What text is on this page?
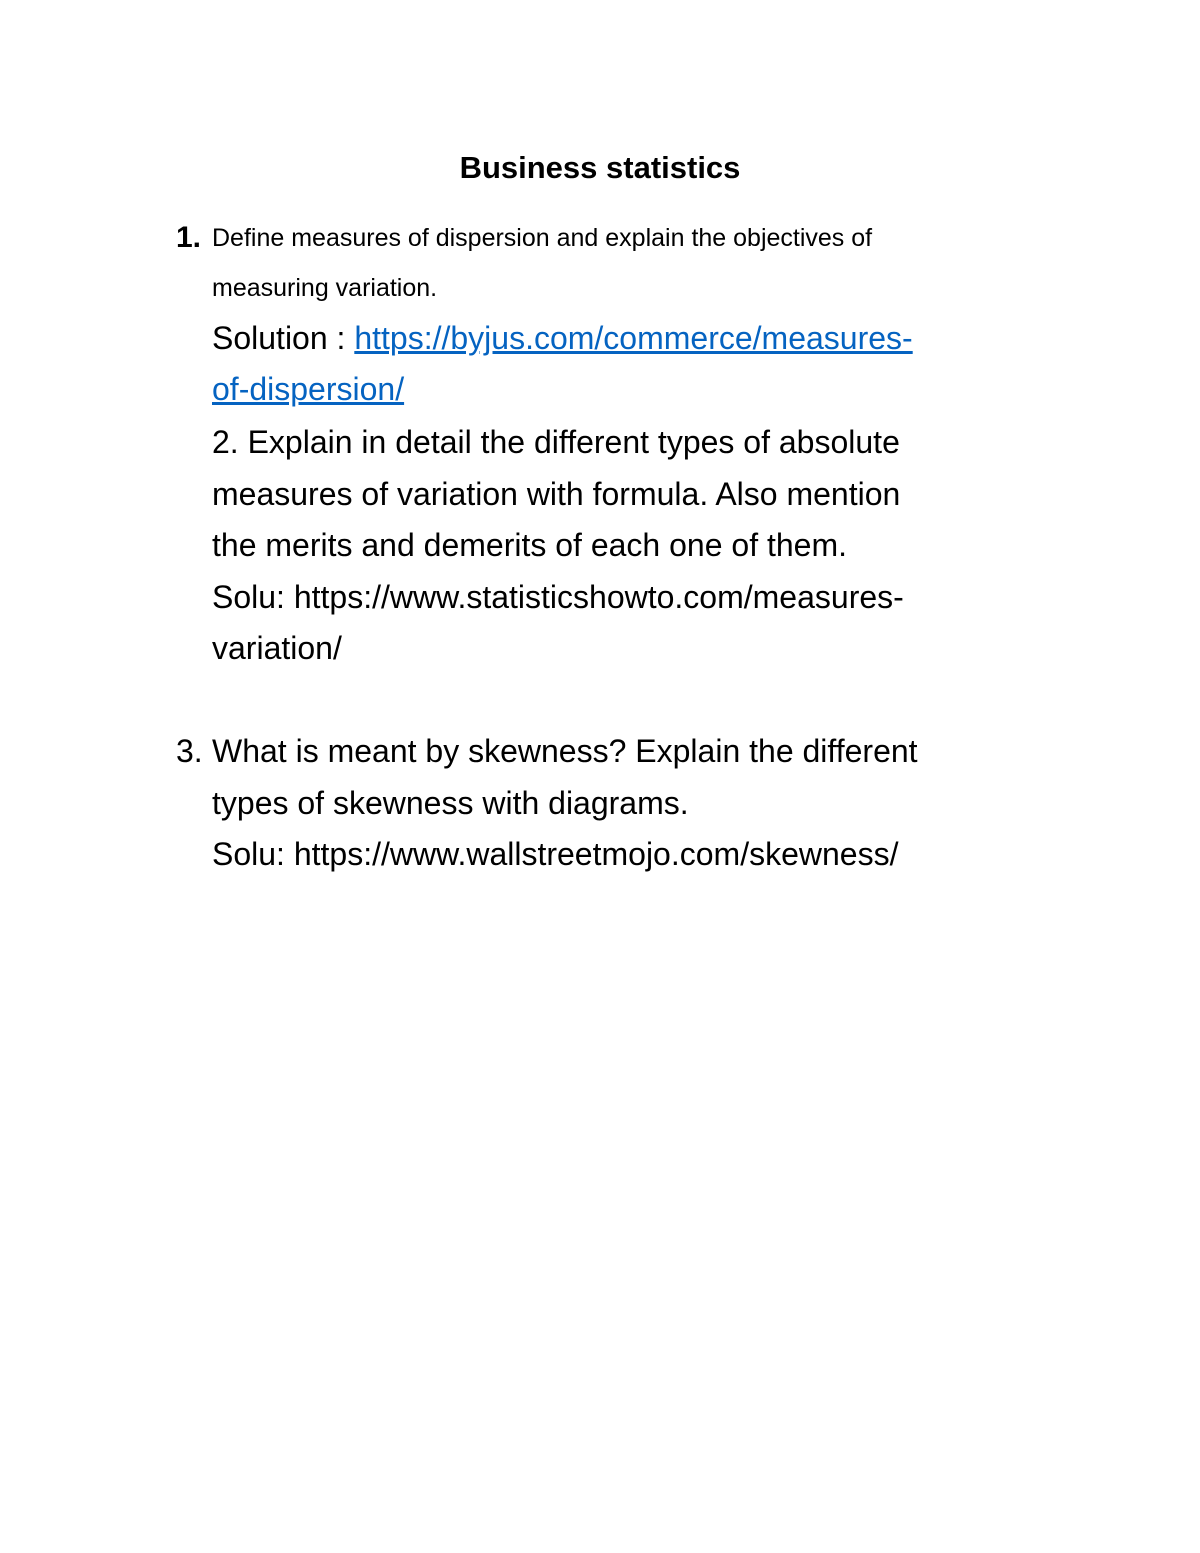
Business statistics
1. Define measures of dispersion and explain the objectives of
measuring variation.
Solution : https://byjus.com/commerce/measures-
of-dispersion/
2. Explain in detail the different types of absolute
measures of variation with formula. Also mention
the merits and demerits of each one of them.
Solu: https://www.statisticshowto.com/measures-
variation/
3. What is meant by skewness? Explain the different
types of skewness with diagrams.
Solu: https://www.wallstreetmojo.com/skewness/
